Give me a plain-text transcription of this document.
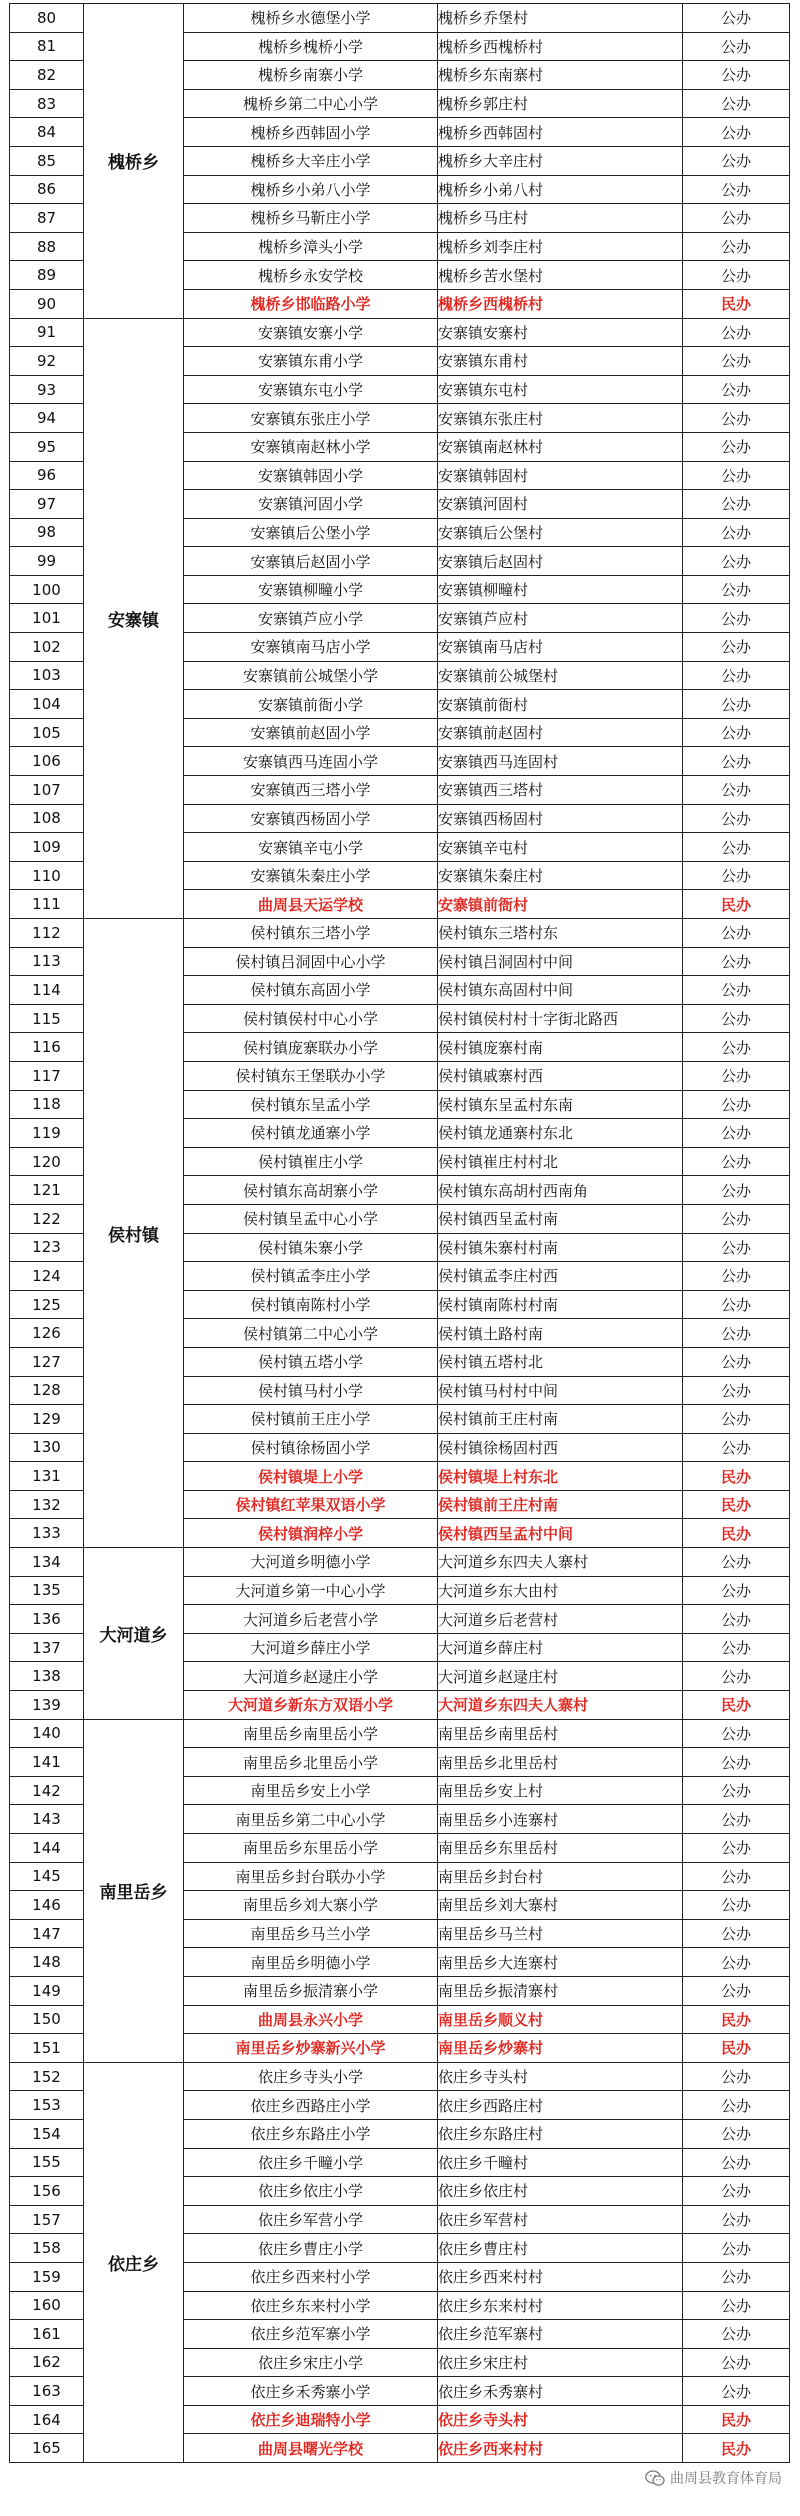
80	槐桥乡	槐桥乡水德堡小学	槐桥乡乔堡村	公办
81		槐桥乡槐桥小学	槐桥乡西槐桥村	公办
82		槐桥乡南寨小学	槐桥乡东南寨村	公办
83		槐桥乡第二中心小学	槐桥乡郭庄村	公办
84		槐桥乡西韩固小学	槐桥乡西韩固村	公办
85		槐桥乡大辛庄小学	槐桥乡大辛庄村	公办
86		槐桥乡小弟八小学	槐桥乡小弟八村	公办
87		槐桥乡马靳庄小学	槐桥乡马庄村	公办
88		槐桥乡漳头小学	槐桥乡刘李庄村	公办
89		槐桥乡永安学校	槐桥乡苦水堡村	公办
90		槐桥乡邯临路小学	槐桥乡西槐桥村	民办
91	安寨镇	安寨镇安寨小学	安寨镇安寨村	公办
92		安寨镇东甫小学	安寨镇东甫村	公办
93		安寨镇东屯小学	安寨镇东屯村	公办
94		安寨镇东张庄小学	安寨镇东张庄村	公办
95		安寨镇南赵林小学	安寨镇南赵林村	公办
96		安寨镇韩固小学	安寨镇韩固村	公办
97		安寨镇河固小学	安寨镇河固村	公办
98		安寨镇后公堡小学	安寨镇后公堡村	公办
99		安寨镇后赵固小学	安寨镇后赵固村	公办
100		安寨镇柳疃小学	安寨镇柳疃村	公办
101		安寨镇芦应小学	安寨镇芦应村	公办
102		安寨镇南马店小学	安寨镇南马店村	公办
103		安寨镇前公城堡小学	安寨镇前公城堡村	公办
104		安寨镇前衙小学	安寨镇前衙村	公办
105		安寨镇前赵固小学	安寨镇前赵固村	公办
106		安寨镇西马连固小学	安寨镇西马连固村	公办
107		安寨镇西三塔小学	安寨镇西三塔村	公办
108		安寨镇西杨固小学	安寨镇西杨固村	公办
109		安寨镇辛屯小学	安寨镇辛屯村	公办
110		安寨镇朱秦庄小学	安寨镇朱秦庄村	公办
111		曲周县天运学校	安寨镇前衙村	民办
112	侯村镇	侯村镇东三塔小学	侯村镇东三塔村东	公办
113		侯村镇吕洞固中心小学	侯村镇吕洞固村中间	公办
114		侯村镇东高固小学	侯村镇东高固村中间	公办
115		侯村镇侯村中心小学	侯村镇侯村村十字街北路西	公办
116		侯村镇庞寨联办小学	侯村镇庞寨村南	公办
117		侯村镇东王堡联办小学	侯村镇戚寨村西	公办
118		侯村镇东呈孟小学	侯村镇东呈孟村东南	公办
119		侯村镇龙通寨小学	侯村镇龙通寨村东北	公办
120		侯村镇崔庄小学	侯村镇崔庄村村北	公办
121		侯村镇东高胡寨小学	侯村镇东高胡村西南角	公办
122		侯村镇呈孟中心小学	侯村镇西呈孟村南	公办
123		侯村镇朱寨小学	侯村镇朱寨村村南	公办
124		侯村镇孟李庄小学	侯村镇孟李庄村西	公办
125		侯村镇南陈村小学	侯村镇南陈村村南	公办
126		侯村镇第二中心小学	侯村镇土路村南	公办
127		侯村镇五塔小学	侯村镇五塔村北	公办
128		侯村镇马村小学	侯村镇马村村中间	公办
129		侯村镇前王庄小学	侯村镇前王庄村南	公办
130		侯村镇徐杨固小学	侯村镇徐杨固村西	公办
131		侯村镇堤上小学	侯村镇堤上村东北	民办
132		侯村镇红苹果双语小学	侯村镇前王庄村南	民办
133		侯村镇润梓小学	侯村镇西呈孟村中间	民办
134	大河道乡	大河道乡明德小学	大河道乡东四夫人寨村	公办
135		大河道乡第一中心小学	大河道乡东大由村	公办
136		大河道乡后老营小学	大河道乡后老营村	公办
137		大河道乡薛庄小学	大河道乡薛庄村	公办
138		大河道乡赵逯庄小学	大河道乡赵逯庄村	公办
139		大河道乡新东方双语小学	大河道乡东四夫人寨村	民办
140	南里岳乡	南里岳乡南里岳小学	南里岳乡南里岳村	公办
141		南里岳乡北里岳小学	南里岳乡北里岳村	公办
142		南里岳乡安上小学	南里岳乡安上村	公办
143		南里岳乡第二中心小学	南里岳乡小连寨村	公办
144		南里岳乡东里岳小学	南里岳乡东里岳村	公办
145		南里岳乡封台联办小学	南里岳乡封台村	公办
146		南里岳乡刘大寨小学	南里岳乡刘大寨村	公办
147		南里岳乡马兰小学	南里岳乡马兰村	公办
148		南里岳乡明德小学	南里岳乡大连寨村	公办
149		南里岳乡振清寨小学	南里岳乡振清寨村	公办
150		曲周县永兴小学	南里岳乡顺义村	民办
151		南里岳乡炒寨新兴小学	南里岳乡炒寨村	民办
152	依庄乡	依庄乡寺头小学	依庄乡寺头村	公办
153		依庄乡西路庄小学	依庄乡西路庄村	公办
154		依庄乡东路庄小学	依庄乡东路庄村	公办
155		依庄乡千疃小学	依庄乡千疃村	公办
156		依庄乡依庄小学	依庄乡依庄村	公办
157		依庄乡军营小学	依庄乡军营村	公办
158		依庄乡曹庄小学	依庄乡曹庄村	公办
159		依庄乡西来村小学	依庄乡西来村村	公办
160		依庄乡东来村小学	依庄乡东来村村	公办
161		依庄乡范军寨小学	依庄乡范军寨村	公办
162		依庄乡宋庄小学	依庄乡宋庄村	公办
163		依庄乡禾秀寨小学	依庄乡禾秀寨村	公办
164		依庄乡迪瑞特小学	依庄乡寺头村	民办
165		曲周县曙光学校	依庄乡西来村村	民办
曲周县教育体育局
